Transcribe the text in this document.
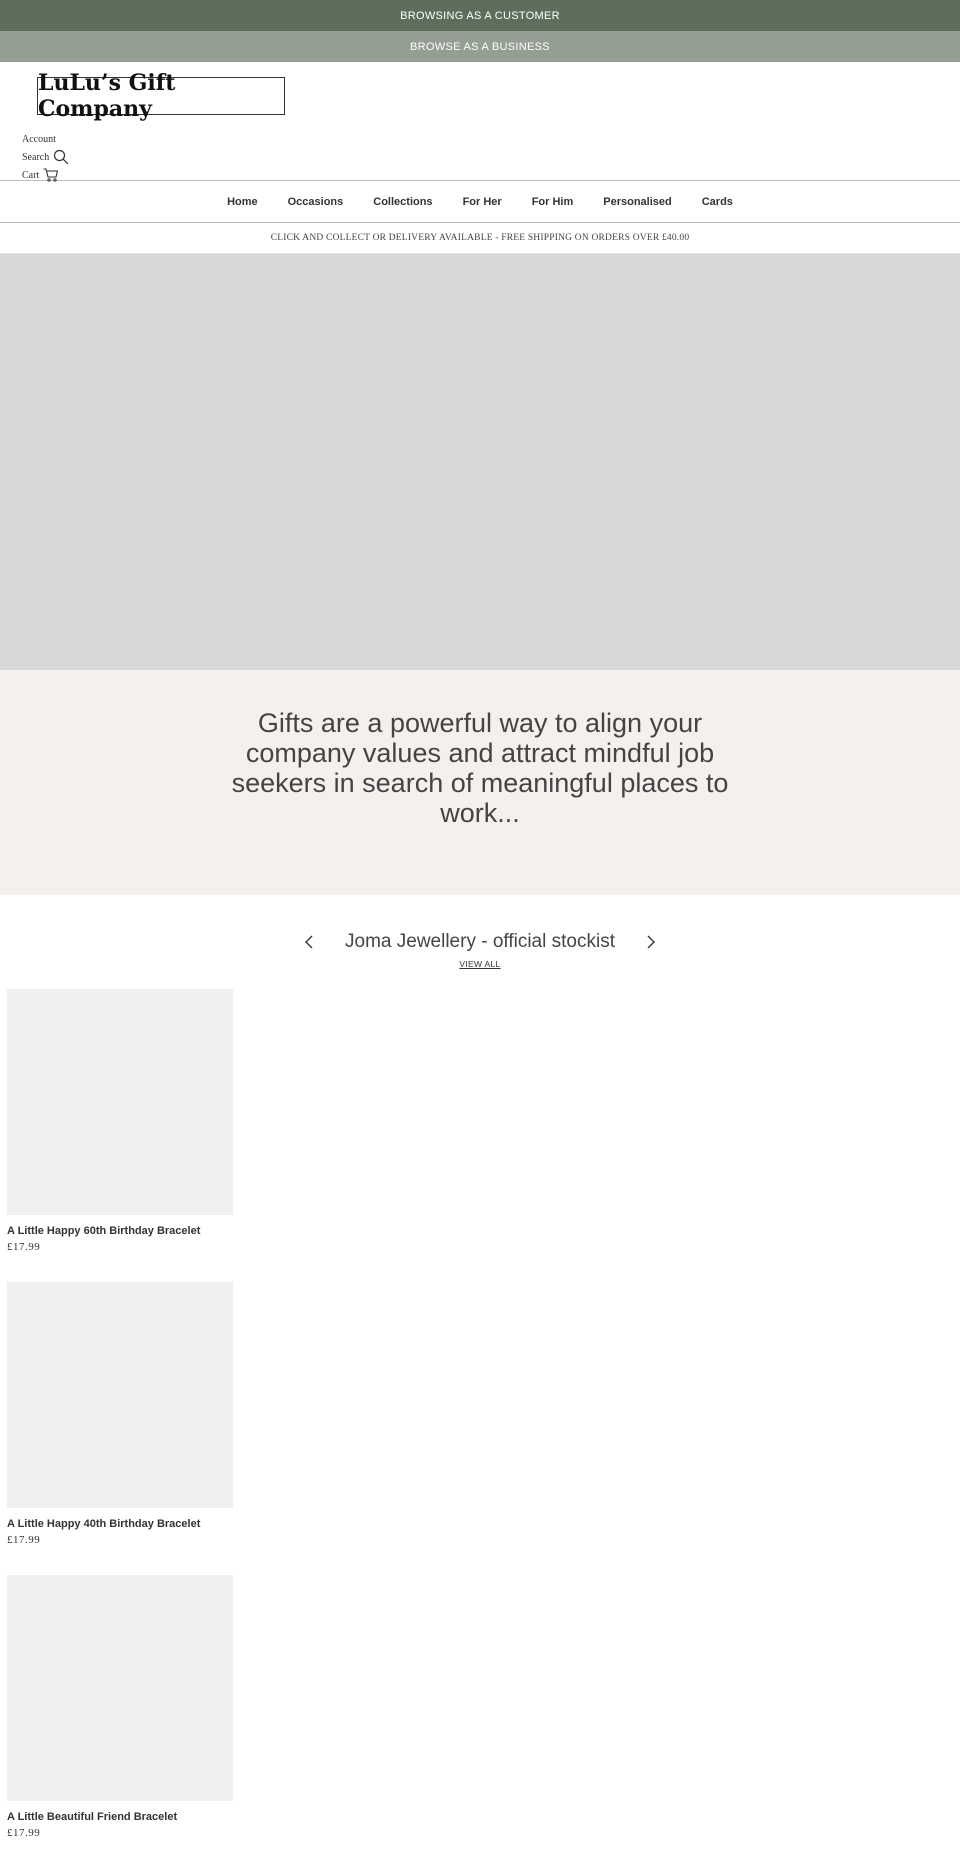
BROWSING AS A CUSTOMER
BROWSE AS A BUSINESS
LuLu’s Gift Company
Account
Search
Cart
Home	Occasions	Collections	For Her	For Him	Personalised	Cards
CLICK AND COLLECT OR DELIVERY AVAILABLE - FREE SHIPPING ON ORDERS OVER £40.00

Gifts are a powerful way to align your company values and attract mindful job seekers in search of meaningful places to work...

Joma Jewellery - official stockist
VIEW ALL
A Little Happy 60th Birthday Bracelet
£17.99
A Little Happy 40th Birthday Bracelet
£17.99
A Little Beautiful Friend Bracelet
£17.99
